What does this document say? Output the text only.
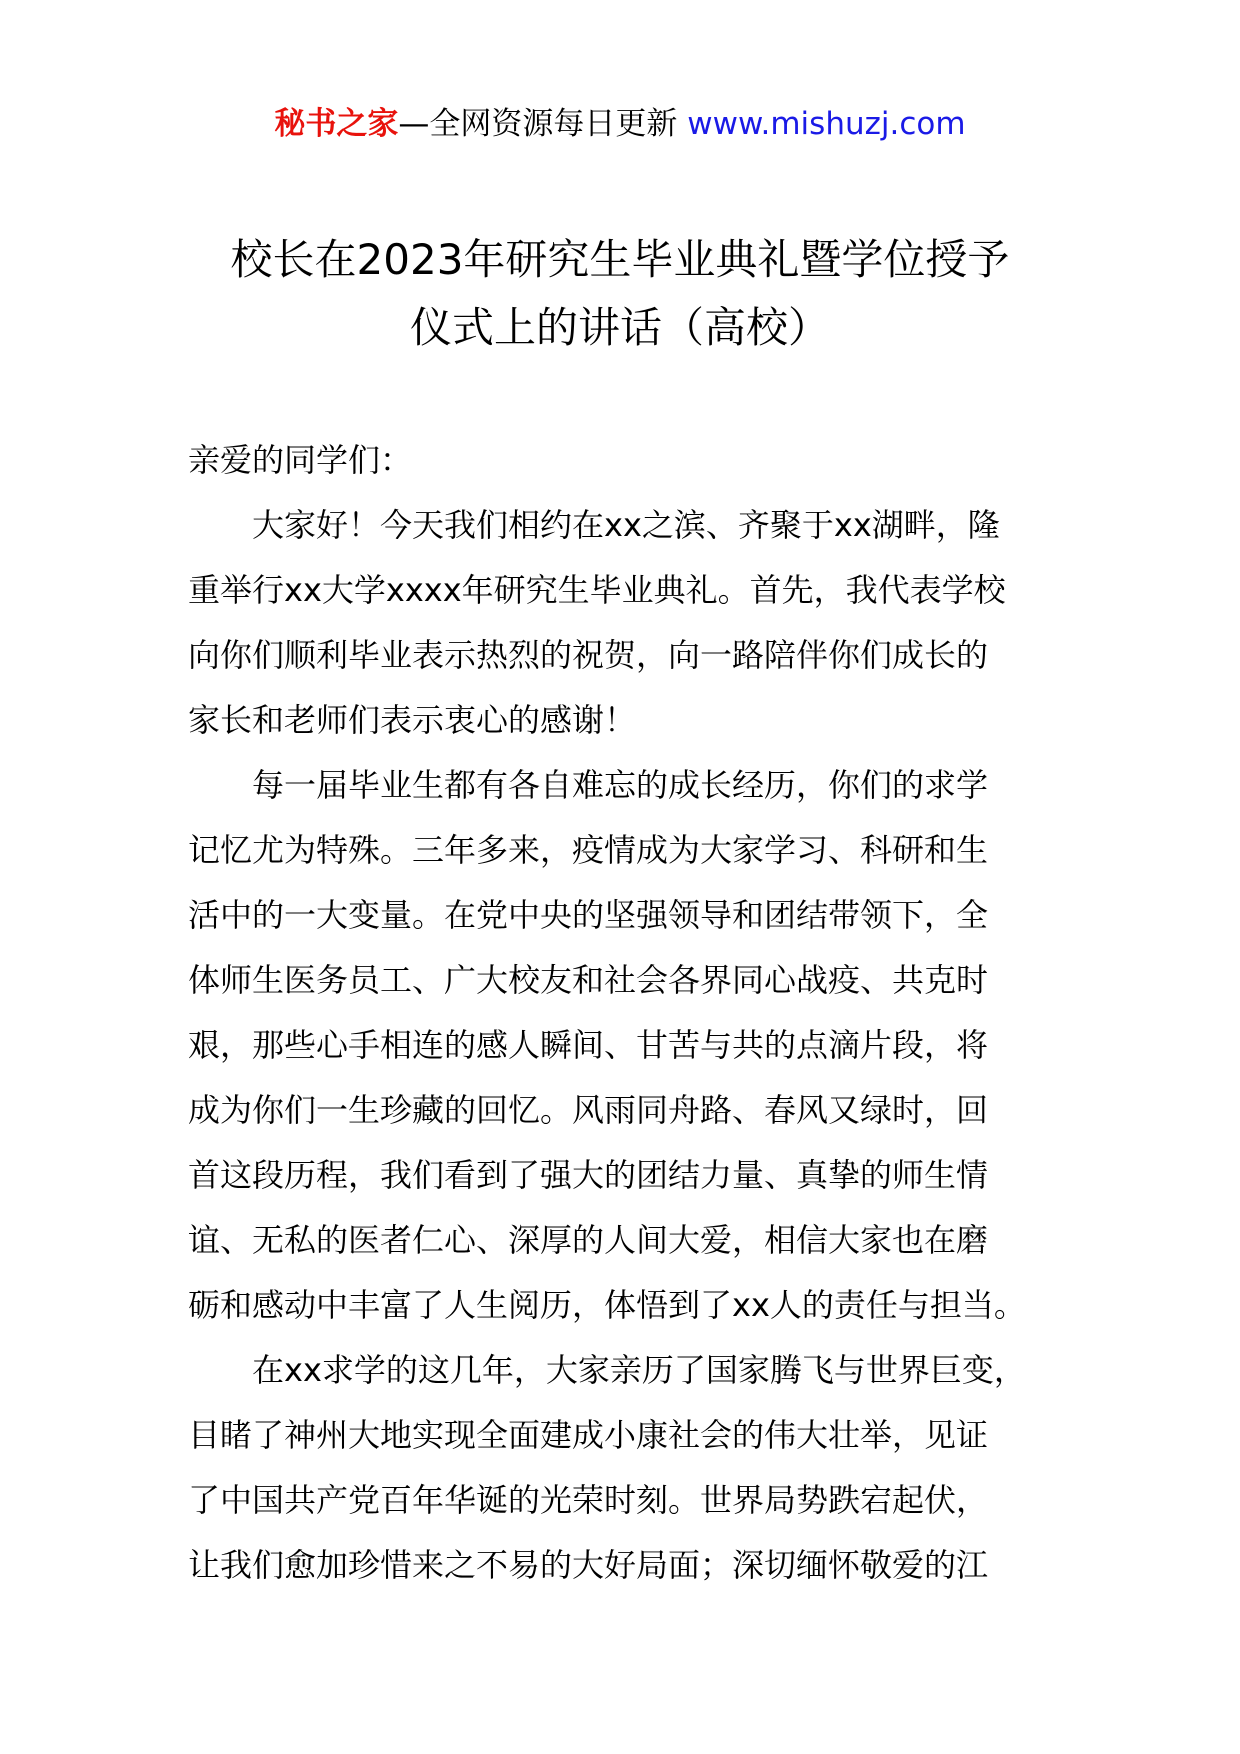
秘书之家—全网资源每日更新 www.mishuzj.com
校长在2023年研究生毕业典礼暨学位授予
仪式上的讲话（高校）
亲爱的同学们：
大家好！今天我们相约在xx之滨、齐聚于xx湖畔，隆
重举行xx大学xxxx年研究生毕业典礼。首先，我代表学校
向你们顺利毕业表示热烈的祝贺，向一路陪伴你们成长的
家长和老师们表示衷心的感谢！
每一届毕业生都有各自难忘的成长经历，你们的求学
记忆尤为特殊。三年多来，疫情成为大家学习、科研和生
活中的一大变量。在党中央的坚强领导和团结带领下，全
体师生医务员工、广大校友和社会各界同心战疫、共克时
艰，那些心手相连的感人瞬间、甘苦与共的点滴片段，将
成为你们一生珍藏的回忆。风雨同舟路、春风又绿时，回
首这段历程，我们看到了强大的团结力量、真挚的师生情
谊、无私的医者仁心、深厚的人间大爱，相信大家也在磨
砺和感动中丰富了人生阅历，体悟到了xx人的责任与担当。
在xx求学的这几年，大家亲历了国家腾飞与世界巨变，
目睹了神州大地实现全面建成小康社会的伟大壮举，见证
了中国共产党百年华诞的光荣时刻。世界局势跌宕起伏，
让我们愈加珍惜来之不易的大好局面；深切缅怀敬爱的江
